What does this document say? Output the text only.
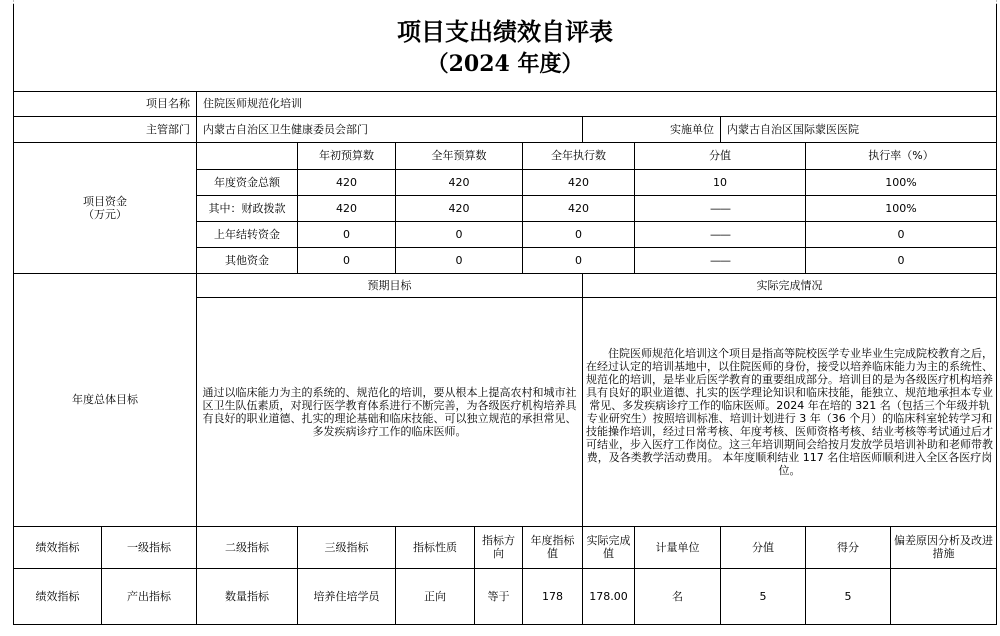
项目支出绩效自评表
（2024 年度）												

项目名称		住院医师规范化培训										
主管部门		内蒙古自治区卫生健康委员会部门					实施单位		内蒙古自治区国际蒙医医院			
项目资金
（万元）			年初预算数	全年预算数		全年执行数		分值		执行率（%）	
		年度资金总额	420	420		420		10		100%	
		其中：财政拨款	420	420		420		——		100%	
		上年结转资金	0	0		0		——		0	
		其他资金	0	0		0		——		0	
年度总体目标		预期目标					实际完成情况					
		通过以临床能力为主的系统的、规范化的培训，要从根本上提高农村和城市社区卫生队伍素质，对现行医学教育体系进行不断完善，为各级医疗机构培养具有良好的职业道德、扎实的理论基础和临床技能、可以独立规范的承担常见、多发疾病诊疗工作的临床医师。					住院医师规范化培训这个项目是指高等院校医学专业毕业生完成院校教育之后，在经过认定的培训基地中，以住院医师的身份，接受以培养临床能力为主的系统性、规范化的培训，是毕业后医学教育的重要组成部分。培训目的是为各级医疗机构培养具有良好的职业道德、扎实的医学理论知识和临床技能，能独立、规范地承担本专业常见、多发疾病诊疗工作的临床医师。2024 年在培的 321 名（包括三个年级并轨专业研究生）按照培训标准、培训计划进行 3 年（36 个月）的临床科室轮转学习和技能操作培训，经过日常考核、年度考核、医师资格考核、结业考核等考试通过后才可结业，步入医疗工作岗位。这三年培训期间会给按月发放学员培训补助和老师带教费，及各类教学活动费用。 本年度顺利结业 117 名住培医师顺利进入全区各医疗岗位。					
绩效指标	一级指标	二级指标	三级指标	指标性质	指标方向	年度指标值	实际完成值	计量单位	分值	得分	偏差原因分析及改进措施	
绩效指标	产出指标	数量指标	培养住培学员	正向	等于	178	178.00	名	5	5		
